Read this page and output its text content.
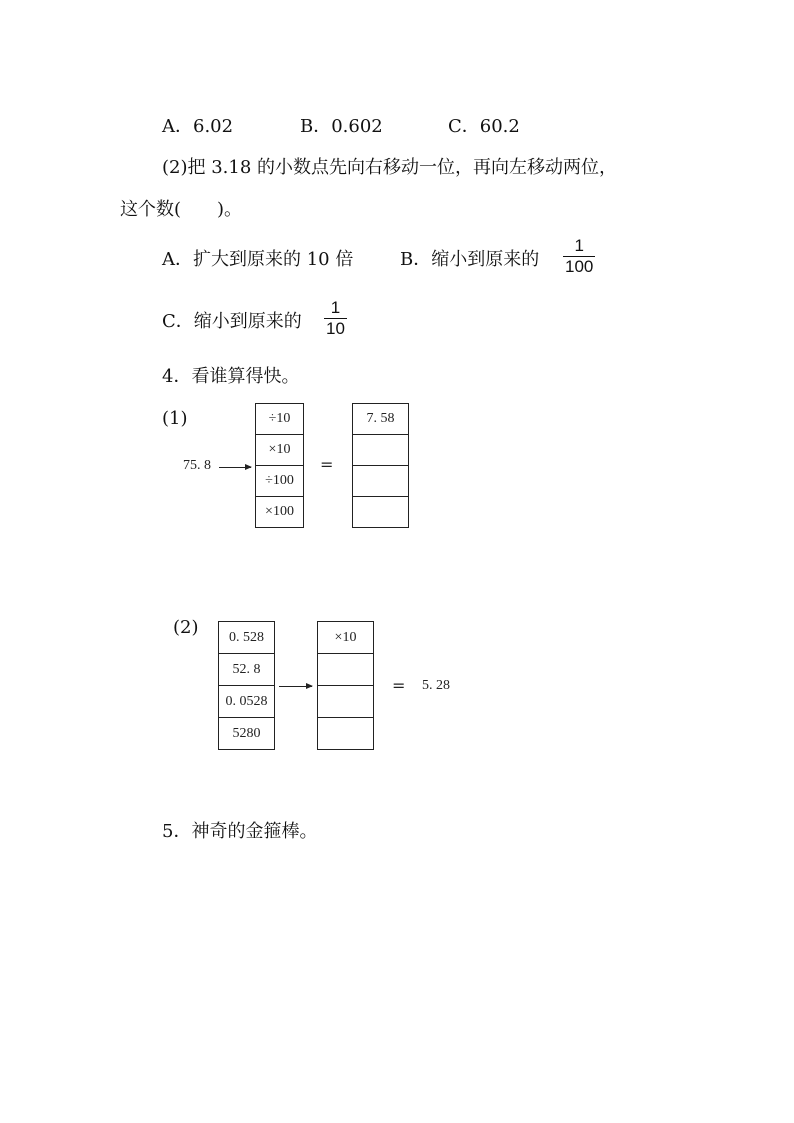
A．6.02	B．0.602	C．60.2
(2)把 3.18 的小数点先向右移动一位，再向左移动两位，
这个数(　　)。
A．扩大到原来的 10 倍	B．缩小到原来的
1
100
C．缩小到原来的
1
10
4．看谁算得快。
(1)
75. 8
÷10
×10
÷100
×100
=
7. 58
(2)	0. 528
52. 8
0. 0528
5280
×10
= 5. 28
5．神奇的金箍棒。
